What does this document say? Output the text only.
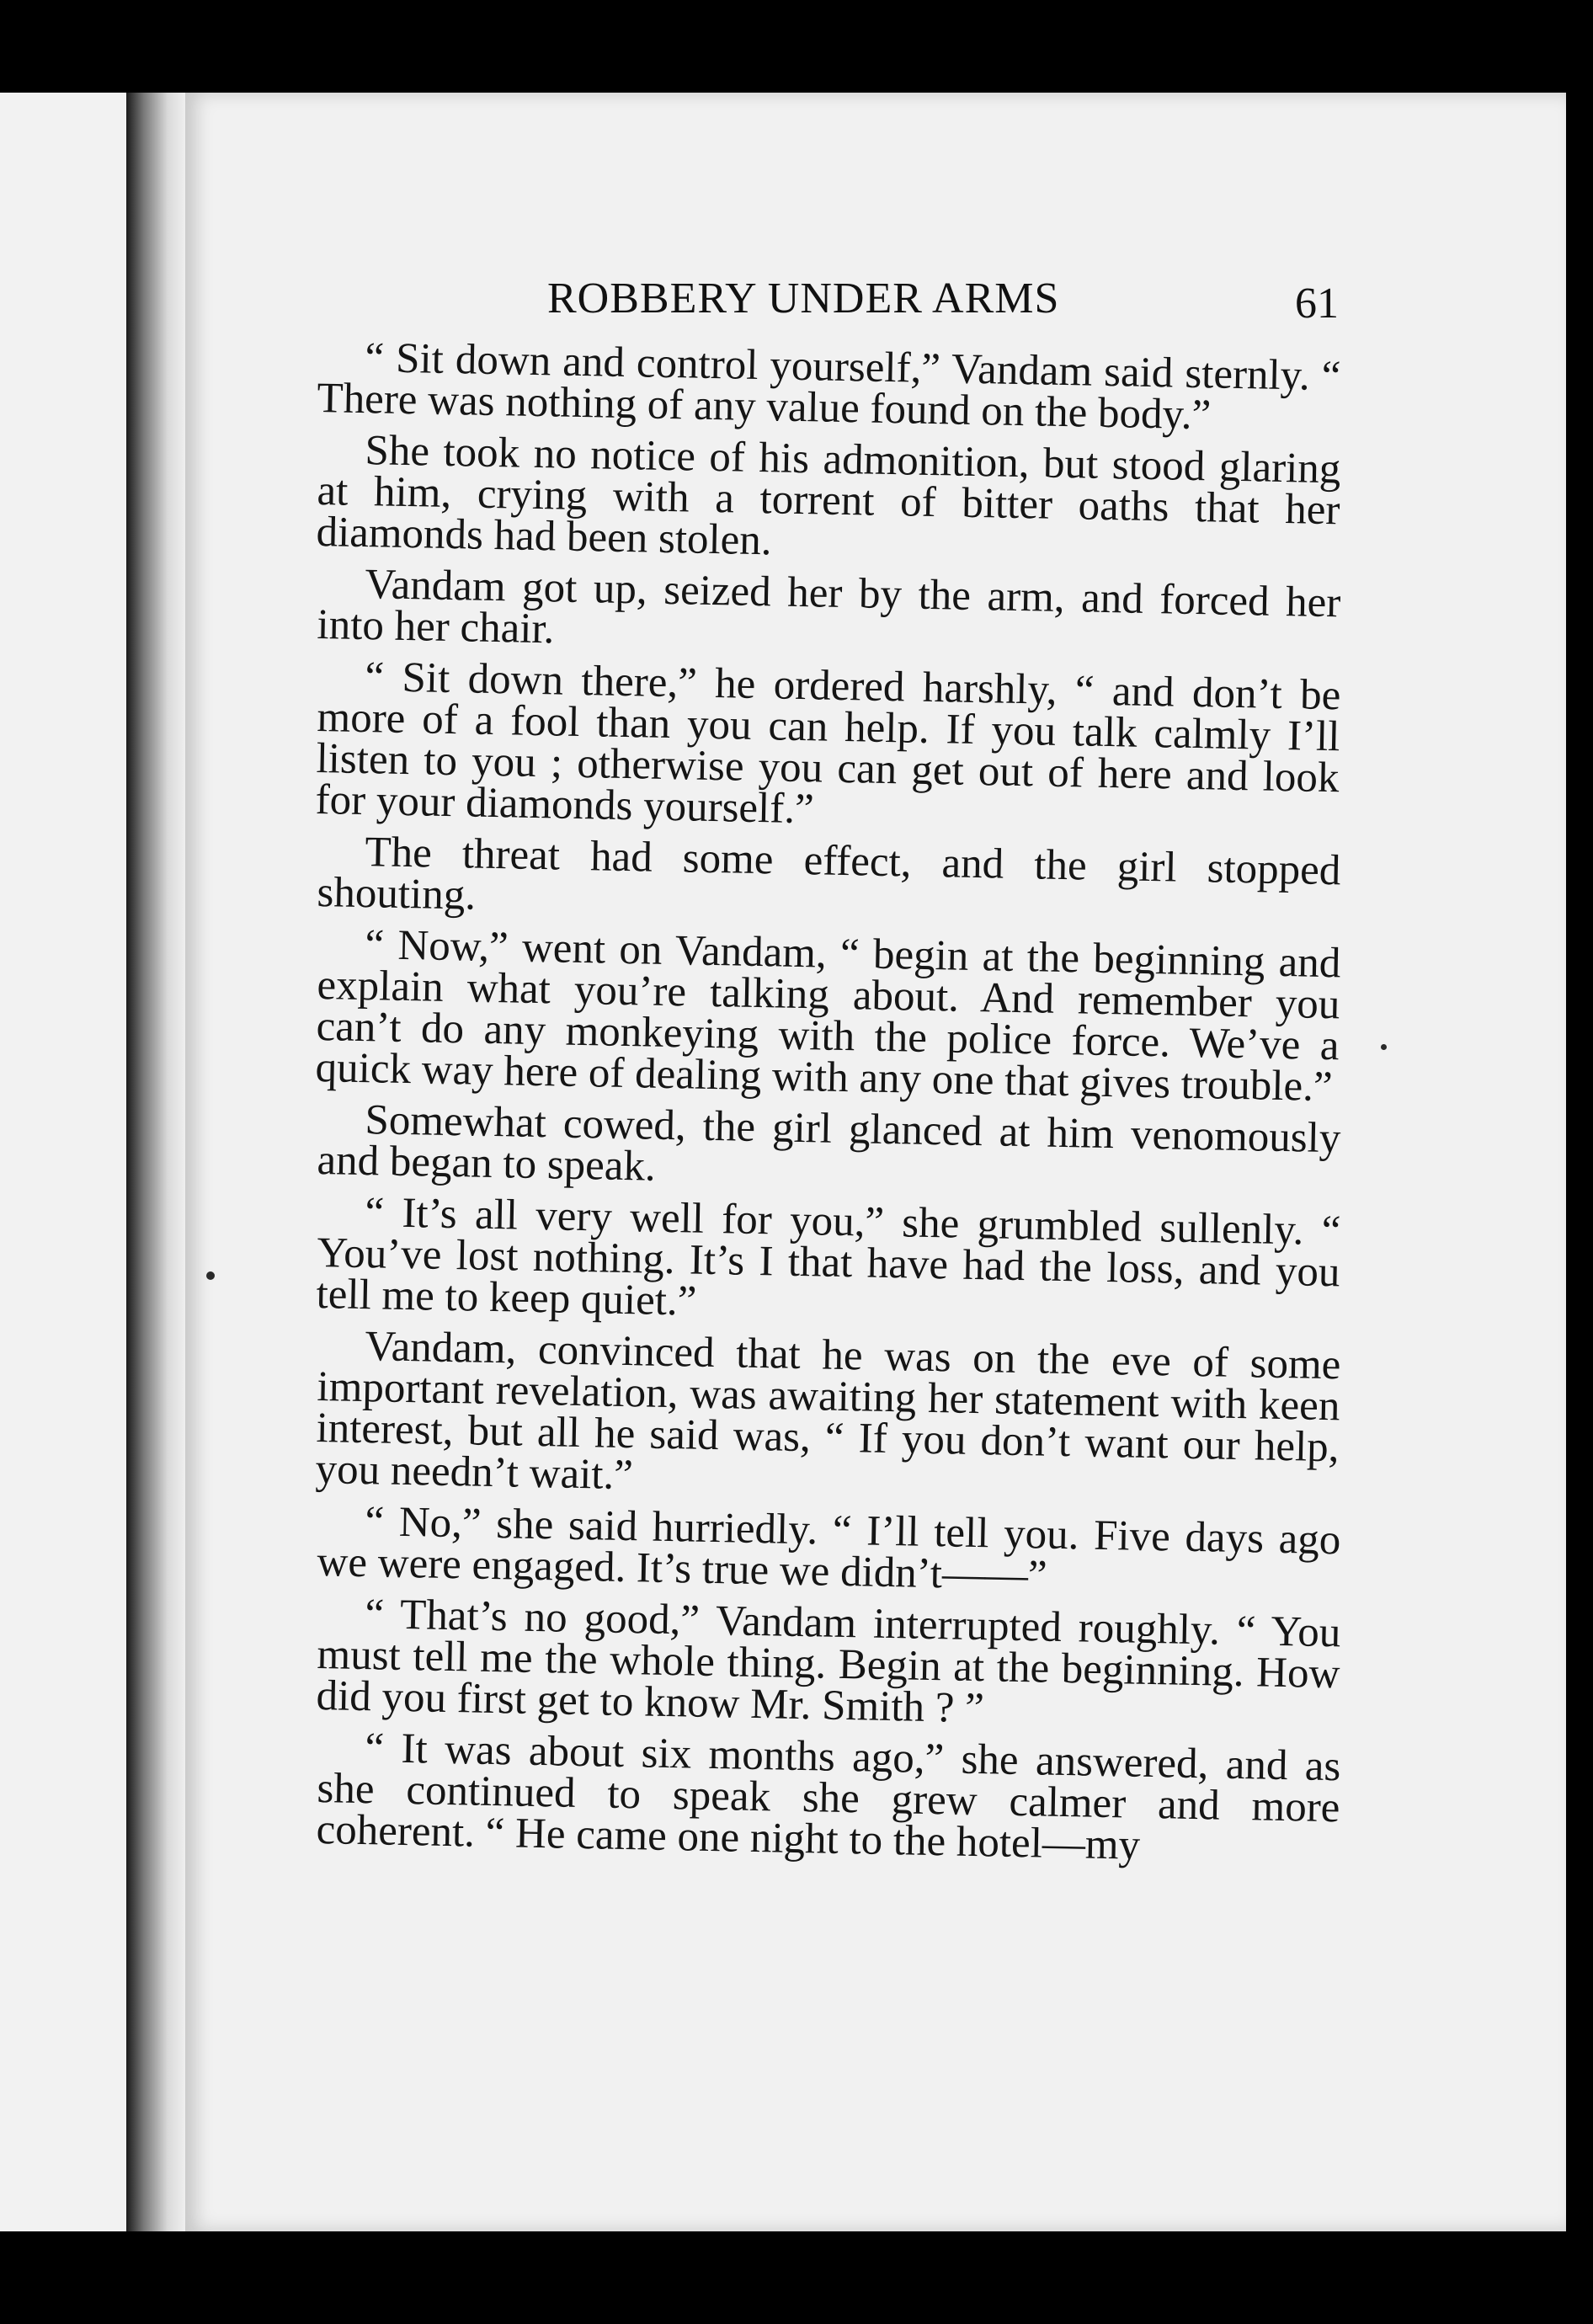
ROBBERY UNDER ARMS	61

“ Sit down and control yourself,” Vandam said sternly. “ There was nothing of any value found on the body.”

She took no notice of his admonition, but stood glaring at him, crying with a torrent of bitter oaths that her diamonds had been stolen.

Vandam got up, seized her by the arm, and forced her into her chair.

“ Sit down there,” he ordered harshly, “ and don’t be more of a fool than you can help. If you talk calmly I’ll listen to you ; otherwise you can get out of here and look for your diamonds yourself.”

The threat had some effect, and the girl stopped shouting.

“ Now,” went on Vandam, “ begin at the beginning and explain what you’re talking about. And remember you can’t do any monkeying with the police force. We’ve a quick way here of dealing with any one that gives trouble.”

Somewhat cowed, the girl glanced at him venomously and began to speak.

“ It’s all very well for you,” she grumbled sullenly. “ You’ve lost nothing. It’s I that have had the loss, and you tell me to keep quiet.”

Vandam, convinced that he was on the eve of some important revelation, was awaiting her statement with keen interest, but all he said was, “ If you don’t want our help, you needn’t wait.”

“ No,” she said hurriedly. “ I’ll tell you. Five days ago we were engaged. It’s true we didn’t——”

“ That’s no good,” Vandam interrupted roughly. “ You must tell me the whole thing. Begin at the beginning. How did you first get to know Mr. Smith ? ”

“ It was about six months ago,” she answered, and as she continued to speak she grew calmer and more coherent. “ He came one night to the hotel—my
